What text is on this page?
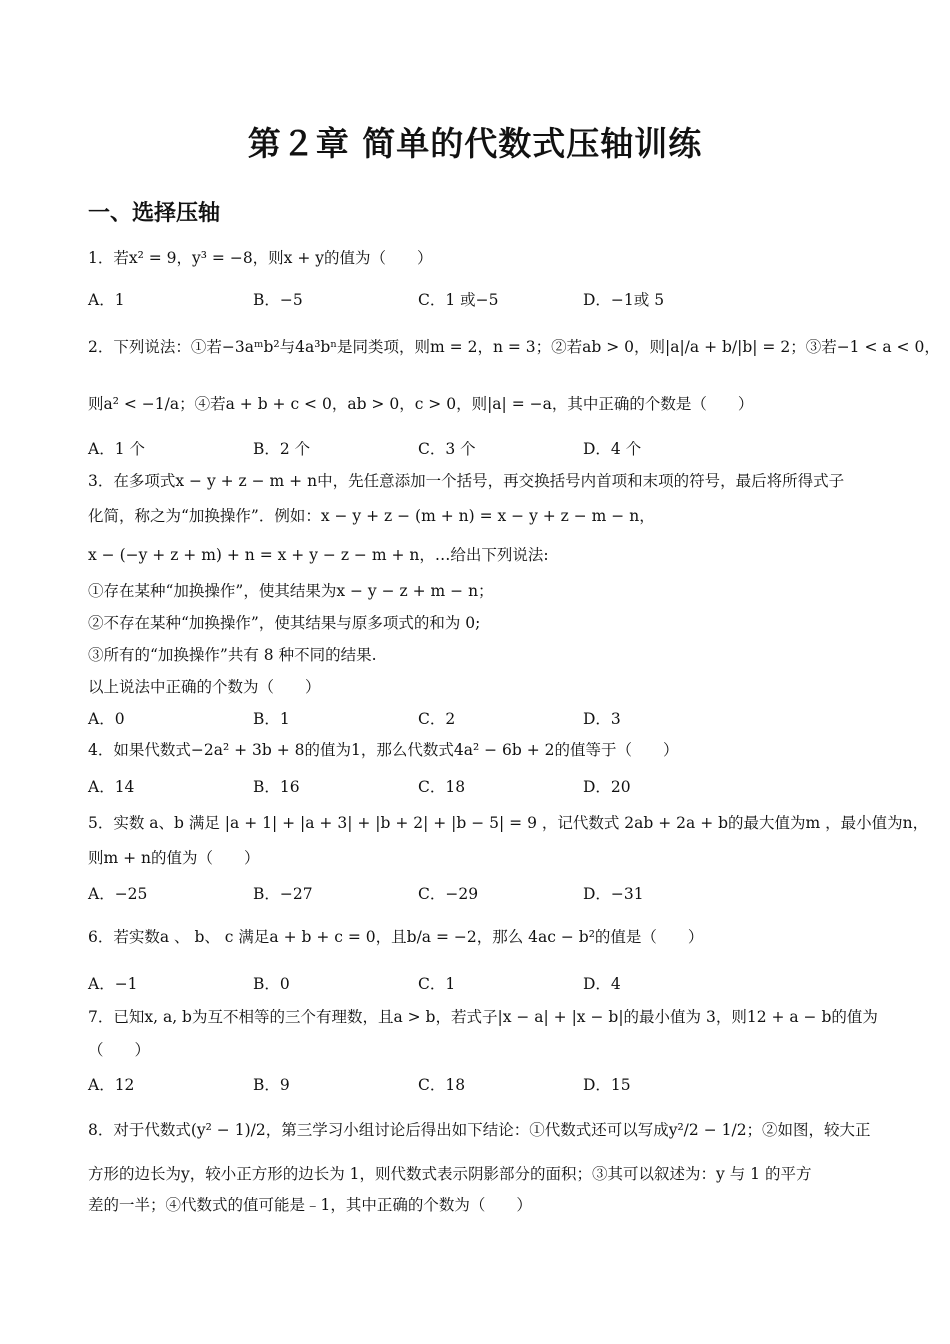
第２章 简单的代数式压轴训练
一、选择压轴
1．若x² = 9，y³ = −8，则x + y的值为（　　）
A．1	B．−5	C．1 或−5	D．−1或 5
2．下列说法：①若−3aᵐb²与4a³bⁿ是同类项，则m = 2，n = 3；②若ab > 0，则|a|/a + b/|b| = 2；③若−1 < a < 0，
则a² < −1/a；④若a + b + c < 0，ab > 0，c > 0，则|a| = −a，其中正确的个数是（　　）
A．1 个	B．2 个	C．3 个	D．4 个
3．在多项式x − y + z − m + n中，先任意添加一个括号，再交换括号内首项和末项的符号，最后将所得式子
化简，称之为“加换操作”．例如：x − y + z − (m + n) = x − y + z − m − n，
x − (−y + z + m) + n = x + y − z − m + n，…给出下列说法:
①存在某种“加换操作”，使其结果为x − y − z + m − n；
②不存在某种“加换操作”，使其结果与原多项式的和为 0;
③所有的“加换操作”共有 8 种不同的结果.
以上说法中正确的个数为（　　）
A．0	B．1	C．2	D．3
4．如果代数式−2a² + 3b + 8的值为1，那么代数式4a² − 6b + 2的值等于（　　）
A．14	B．16	C．18	D．20
5．实数 a、b 满足 |a + 1| + |a + 3| + |b + 2| + |b − 5| = 9 ，记代数式 2ab + 2a + b的最大值为m ，最小值为n，
则m + n的值为（　　）
A．−25	B．−27	C．−29	D．−31
6．若实数a 、 b、 c 满足a + b + c = 0，且b/a = −2，那么 4ac − b²的值是（　　）
A．−1	B．0	C．1	D．4
7．已知x, a, b为互不相等的三个有理数，且a > b，若式子|x − a| + |x − b|的最小值为 3，则12 + a − b的值为
（　　）
A．12	B．9	C．18	D．15
8．对于代数式(y² − 1)/2，第三学习小组讨论后得出如下结论：①代数式还可以写成y²/2 − 1/2；②如图，较大正
方形的边长为y，较小正方形的边长为 1，则代数式表示阴影部分的面积；③其可以叙述为：y 与 1 的平方
差的一半；④代数式的值可能是﹣1，其中正确的个数为（　　）
